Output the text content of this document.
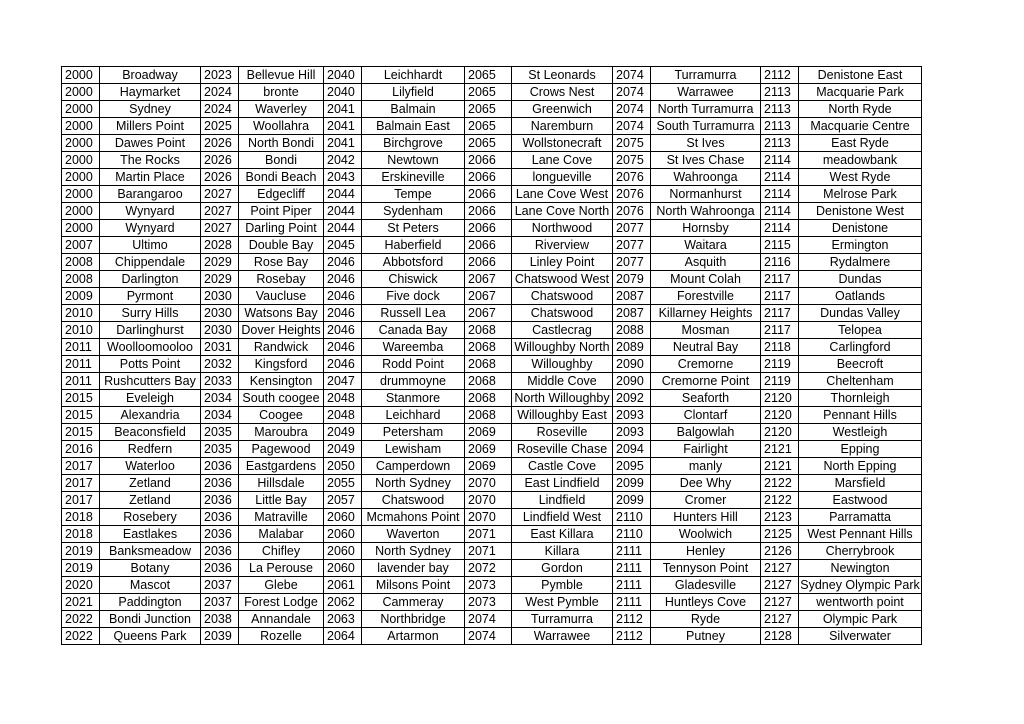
2000	Broadway	2023	Bellevue Hill	2040	Leichhardt	2065	St Leonards	2074	Turramurra	2112	Denistone East
2000	Haymarket	2024	bronte	2040	Lilyfield	2065	Crows Nest	2074	Warrawee	2113	Macquarie Park
2000	Sydney	2024	Waverley	2041	Balmain	2065	Greenwich	2074	North Turramurra	2113	North Ryde
2000	Millers Point	2025	Woollahra	2041	Balmain East	2065	Naremburn	2074	South Turramurra	2113	Macquarie Centre
2000	Dawes Point	2026	North Bondi	2041	Birchgrove	2065	Wollstonecraft	2075	St Ives	2113	East Ryde
2000	The Rocks	2026	Bondi	2042	Newtown	2066	Lane Cove	2075	St Ives Chase	2114	meadowbank
2000	Martin Place	2026	Bondi Beach	2043	Erskineville	2066	longueville	2076	Wahroonga	2114	West Ryde
2000	Barangaroo	2027	Edgecliff	2044	Tempe	2066	Lane Cove West	2076	Normanhurst	2114	Melrose Park
2000	Wynyard	2027	Point Piper	2044	Sydenham	2066	Lane Cove North	2076	North Wahroonga	2114	Denistone West
2000	Wynyard	2027	Darling Point	2044	St Peters	2066	Northwood	2077	Hornsby	2114	Denistone
2007	Ultimo	2028	Double Bay	2045	Haberfield	2066	Riverview	2077	Waitara	2115	Ermington
2008	Chippendale	2029	Rose Bay	2046	Abbotsford	2066	Linley Point	2077	Asquith	2116	Rydalmere
2008	Darlington	2029	Rosebay	2046	Chiswick	2067	Chatswood West	2079	Mount Colah	2117	Dundas
2009	Pyrmont	2030	Vaucluse	2046	Five dock	2067	Chatswood	2087	Forestville	2117	Oatlands
2010	Surry Hills	2030	Watsons Bay	2046	Russell Lea	2067	Chatswood	2087	Killarney Heights	2117	Dundas Valley
2010	Darlinghurst	2030	Dover Heights	2046	Canada Bay	2068	Castlecrag	2088	Mosman	2117	Telopea
2011	Woolloomooloo	2031	Randwick	2046	Wareemba	2068	Willoughby North	2089	Neutral Bay	2118	Carlingford
2011	Potts Point	2032	Kingsford	2046	Rodd Point	2068	Willoughby	2090	Cremorne	2119	Beecroft
2011	Rushcutters Bay	2033	Kensington	2047	drummoyne	2068	Middle Cove	2090	Cremorne Point	2119	Cheltenham
2015	Eveleigh	2034	South coogee	2048	Stanmore	2068	North Willoughby	2092	Seaforth	2120	Thornleigh
2015	Alexandria	2034	Coogee	2048	Leichhard	2068	Willoughby East	2093	Clontarf	2120	Pennant Hills
2015	Beaconsfield	2035	Maroubra	2049	Petersham	2069	Roseville	2093	Balgowlah	2120	Westleigh
2016	Redfern	2035	Pagewood	2049	Lewisham	2069	Roseville Chase	2094	Fairlight	2121	Epping
2017	Waterloo	2036	Eastgardens	2050	Camperdown	2069	Castle Cove	2095	manly	2121	North Epping
2017	Zetland	2036	Hillsdale	2055	North Sydney	2070	East Lindfield	2099	Dee Why	2122	Marsfield
2017	Zetland	2036	Little Bay	2057	Chatswood	2070	Lindfield	2099	Cromer	2122	Eastwood
2018	Rosebery	2036	Matraville	2060	Mcmahons Point	2070	Lindfield West	2110	Hunters Hill	2123	Parramatta
2018	Eastlakes	2036	Malabar	2060	Waverton	2071	East Killara	2110	Woolwich	2125	West Pennant Hills
2019	Banksmeadow	2036	Chifley	2060	North Sydney	2071	Killara	2111	Henley	2126	Cherrybrook
2019	Botany	2036	La Perouse	2060	lavender bay	2072	Gordon	2111	Tennyson Point	2127	Newington
2020	Mascot	2037	Glebe	2061	Milsons Point	2073	Pymble	2111	Gladesville	2127	Sydney Olympic Park
2021	Paddington	2037	Forest Lodge	2062	Cammeray	2073	West Pymble	2111	Huntleys Cove	2127	wentworth point
2022	Bondi Junction	2038	Annandale	2063	Northbridge	2074	Turramurra	2112	Ryde	2127	Olympic Park
2022	Queens Park	2039	Rozelle	2064	Artarmon	2074	Warrawee	2112	Putney	2128	Silverwater
